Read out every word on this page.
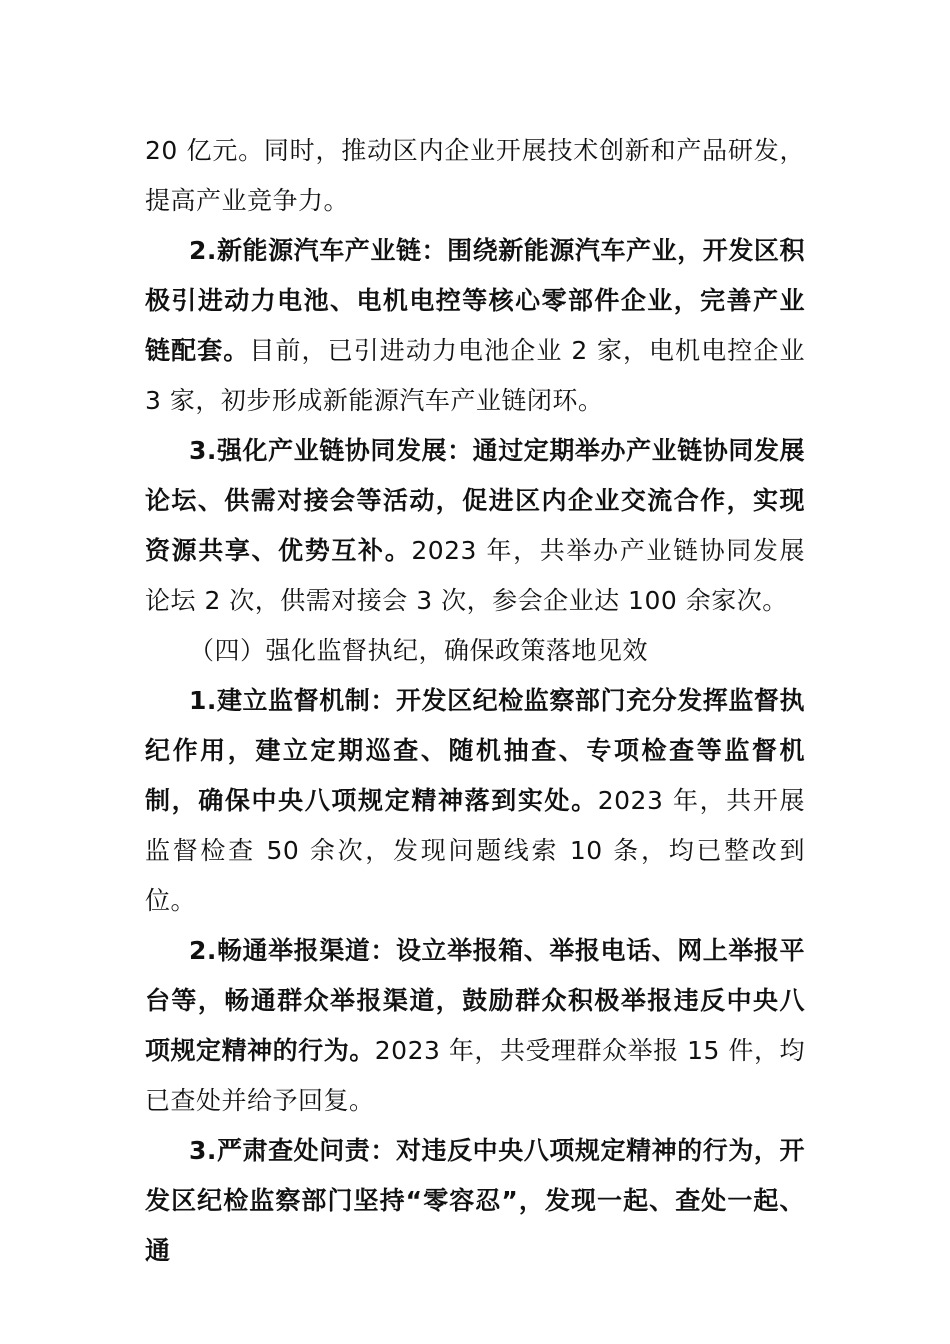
20 亿元。同时，推动区内企业开展技术创新和产品研发，提高产业竞争力。

2.新能源汽车产业链：围绕新能源汽车产业，开发区积极引进动力电池、电机电控等核心零部件企业，完善产业链配套。目前，已引进动力电池企业 2 家，电机电控企业 3 家，初步形成新能源汽车产业链闭环。

3.强化产业链协同发展：通过定期举办产业链协同发展论坛、供需对接会等活动，促进区内企业交流合作，实现资源共享、优势互补。2023 年，共举办产业链协同发展论坛 2 次，供需对接会 3 次，参会企业达 100 余家次。

（四）强化监督执纪，确保政策落地见效

1.建立监督机制：开发区纪检监察部门充分发挥监督执纪作用，建立定期巡查、随机抽查、专项检查等监督机制，确保中央八项规定精神落到实处。2023 年，共开展监督检查 50 余次，发现问题线索 10 条，均已整改到位。

2.畅通举报渠道：设立举报箱、举报电话、网上举报平台等，畅通群众举报渠道，鼓励群众积极举报违反中央八项规定精神的行为。2023 年，共受理群众举报 15 件，均已查处并给予回复。

3.严肃查处问责：对违反中央八项规定精神的行为，开发区纪检监察部门坚持“零容忍”，发现一起、查处一起、通
